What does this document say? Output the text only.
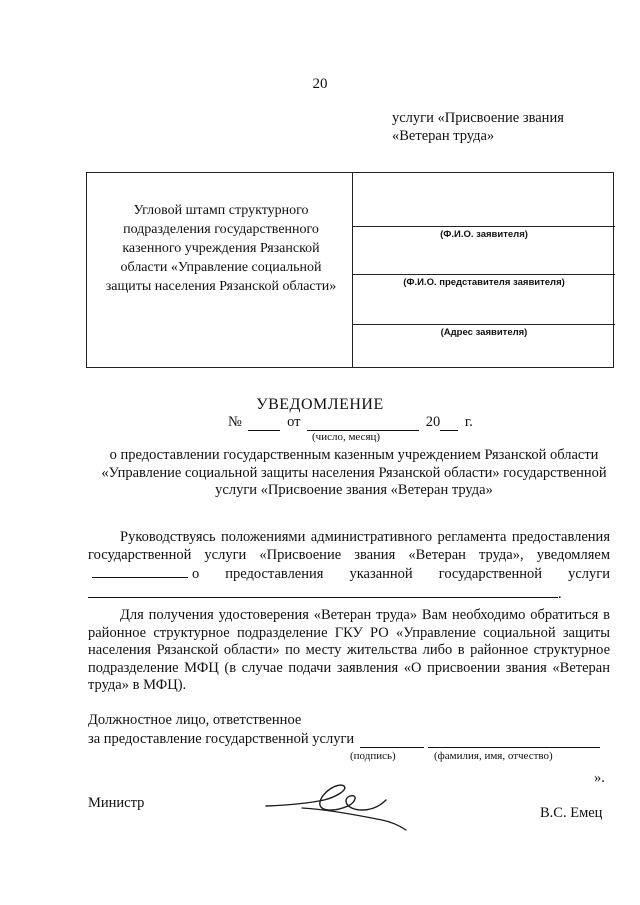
20
услуги «Присвоение звания
«Ветеран труда»
Угловой штамп структурного
подразделения государственного
казенного учреждения Рязанской
области «Управление социальной
защиты населения Рязанской области»
(Ф.И.О. заявителя)
(Ф.И.О. представителя заявителя)
(Адрес заявителя)
УВЕДОМЛЕНИЕ
№	от	20 г.
(число, месяц)
о предоставлении государственным казенным учреждением Рязанской области
«Управление социальной защиты населения Рязанской области» государственной
услуги «Присвоение звания «Ветеран труда»
Руководствуясь положениями административного регламента предоставления государственной услуги «Присвоение звания «Ветеран труда», уведомляемо предоставления указанной государственной услуги.
Для получения удостоверения «Ветеран труда» Вам необходимо обратиться в районное структурное подразделение ГКУ РО «Управление социальной защиты населения Рязанской области» по месту жительства либо в районное структурное подразделение МФЦ (в случае подачи заявления «О присвоении звания «Ветеран труда» в МФЦ).
Должностное лицо, ответственное
за предоставление государственной услуги
(подпись)	(фамилия, имя, отчество)
».
Министр
В.С. Емец
